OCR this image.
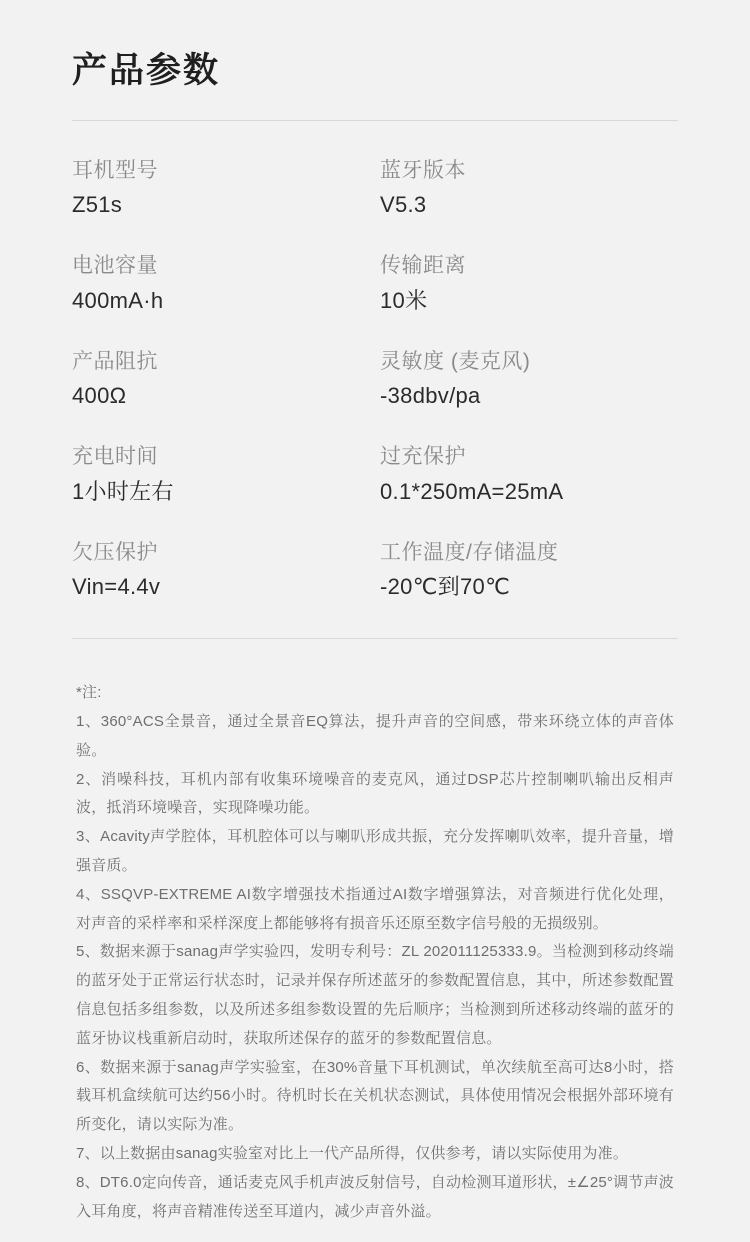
产品参数
耳机型号
Z51s
蓝牙版本
V5.3
电池容量
400mA·h
传输距离
10米
产品阻抗
400Ω
灵敏度 (麦克风)
-38dbv/pa
充电时间
1小时左右
过充保护
0.1*250mA=25mA
欠压保护
Vin=4.4v
工作温度/存储温度
-20℃到70℃
*注:
1、360°ACS全景音，通过全景音EQ算法，提升声音的空间感，带来环绕立体的声音体验。
2、消噪科技，耳机内部有收集环境噪音的麦克风，通过DSP芯片控制喇叭输出反相声波，抵消环境噪音，实现降噪功能。
3、Acavity声学腔体，耳机腔体可以与喇叭形成共振，充分发挥喇叭效率，提升音量，增强音质。
4、SSQVP-EXTREME AI数字增强技术指通过AI数字增强算法，对音频进行优化处理，对声音的采样率和采样深度上都能够将有损音乐还原至数字信号般的无损级别。
5、数据来源于sanag声学实验四，发明专利号：ZL 202011125333.9。当检测到移动终端的蓝牙处于正常运行状态时，记录并保存所述蓝牙的参数配置信息，其中，所述参数配置信息包括多组参数，以及所述多组参数设置的先后顺序；当检测到所述移动终端的蓝牙的蓝牙协议栈重新启动时，获取所述保存的蓝牙的参数配置信息。
6、数据来源于sanag声学实验室，在30%音量下耳机测试，单次续航至高可达8小时，搭载耳机盒续航可达约56小时。待机时长在关机状态测试，具体使用情况会根据外部环境有所变化，请以实际为准。
7、以上数据由sanag实验室对比上一代产品所得，仅供参考，请以实际使用为准。
8、DT6.0定向传音，通话麦克风手机声波反射信号，自动检测耳道形状，±∠25°调节声波入耳角度，将声音精准传送至耳道内，减少声音外溢。
